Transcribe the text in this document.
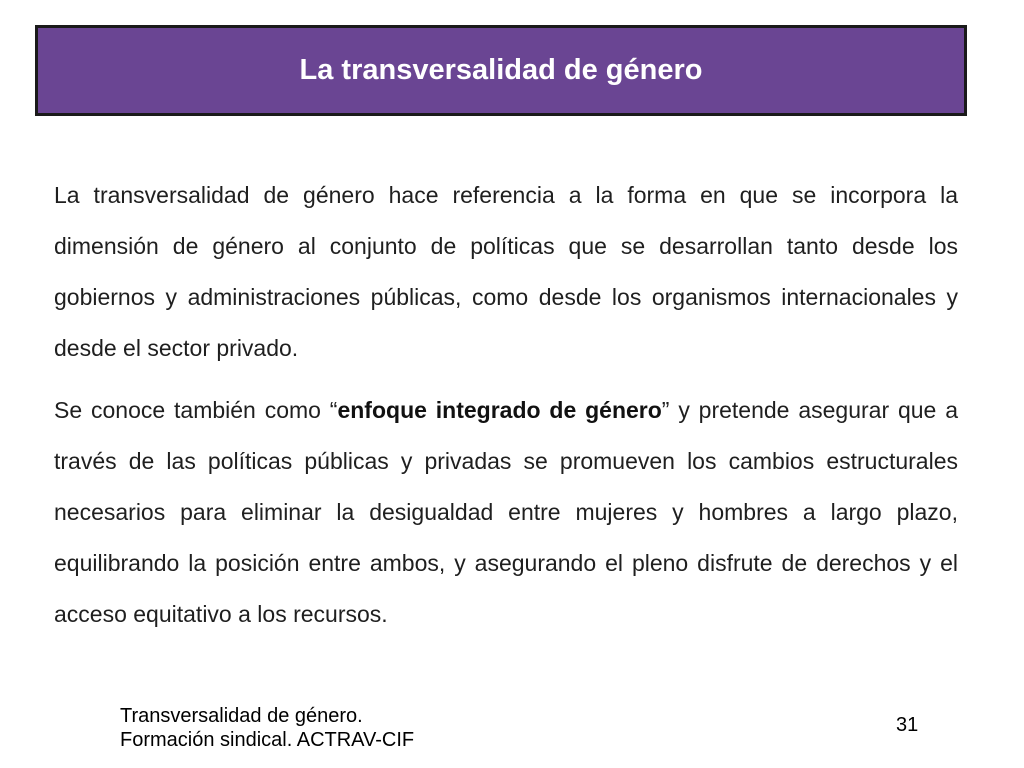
La transversalidad de género

La transversalidad de género hace referencia a la forma en que se incorpora la dimensión de género al conjunto de políticas que se desarrollan tanto desde los gobiernos y administraciones públicas, como desde los organismos internacionales y desde el sector privado.

Se conoce también como “enfoque integrado de género” y pretende asegurar que a través de las políticas públicas y privadas se promueven los cambios estructurales necesarios para eliminar la desigualdad entre mujeres y hombres a largo plazo, equilibrando la posición entre ambos, y asegurando el pleno disfrute de derechos y el acceso equitativo a los recursos.

Transversalidad de género.
Formación sindical. ACTRAV-CIF
31
